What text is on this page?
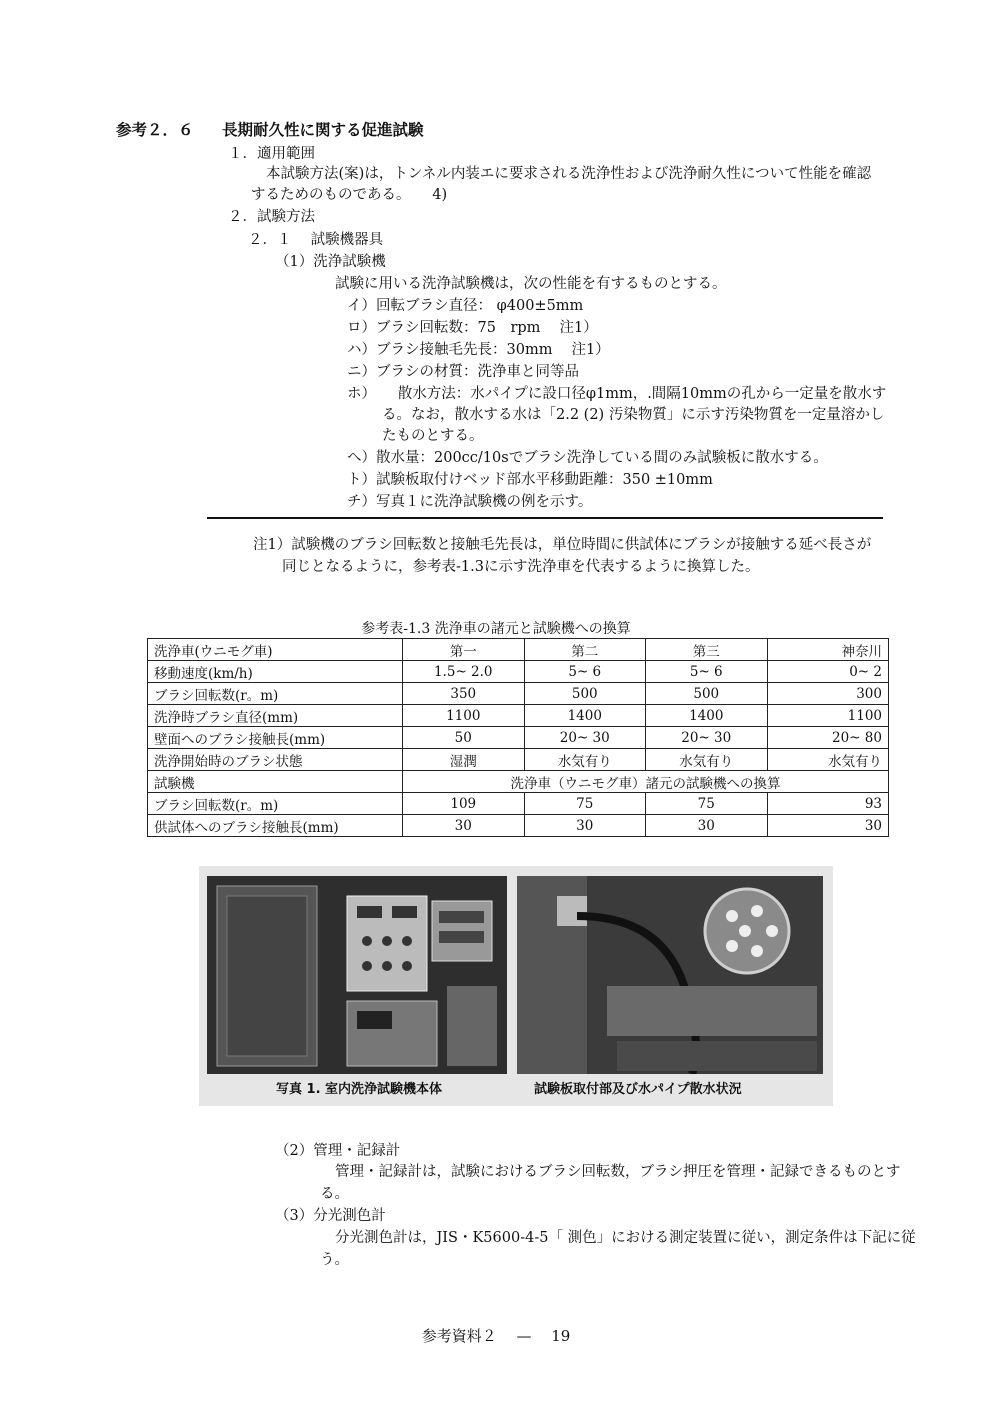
参考２．６ 長期耐久性に関する促進試験
１．適用範囲
本試験方法(案)は，トンネル内装エに要求される洗浄性および洗浄耐久性について性能を確認
するためのものである。　　4)
２．試験方法
２．１　 試験機器具
（1）洗浄試験機
試験に用いる洗浄試験機は，次の性能を有するものとする。
イ）回転ブラシ直径： φ400±5mm
ロ）ブラシ回転数：75　rpm　 注1）
ハ）ブラシ接触毛先長：30mm　 注1）
ニ）ブラシの材質：洗浄車と同等品
ホ）　　散水方法：水パイプに設口径φ1mm，.間隔10mmの孔から一定量を散水す
る。なお，散水する水は「2.2 (2) 汚染物質」に示す汚染物質を一定量溶かし
たものとする。
へ）散水量：200cc/10sでブラシ洗浄している間のみ試験板に散水する。
ト）試験板取付けベッド部水平移動距離：350 ±10mm
チ）写真１に洗浄試験機の例を示す。
注1）試験機のブラシ回転数と接触毛先長は，単位時間に供試体にブラシが接触する延べ長さが
同じとなるように，参考表-1.3に示す洗浄車を代表するように換算した。
参考表-1.3 洗浄車の諸元と試験機への換算
洗浄車(ウニモグ車)	第一	第二	第三	神奈川
移動速度(km/h)	1.5~ 2.0	5~ 6	5~ 6	0~ 2
ブラシ回転数(r。m)	350	500	500	300
洗浄時ブラシ直径(mm)	1100	1400	1400	1100
壁面へのブラシ接触長(mm)	50	20~ 30	20~ 30	20~ 80
洗浄開始時のブラシ状態	湿潤	水気有り	水気有り	水気有り
試験機	洗浄車（ウニモグ車）諸元の試験機への換算			
ブラシ回転数(r。m)	109	75	75	93
供試体へのブラシ接触長(mm)	30	30	30	30
写真 1. 室内洗浄試験機本体	試験板取付部及び水パイプ散水状況
（2）管理・記録計
管理・記録計は，試験におけるブラシ回転数，ブラシ押圧を管理・記録できるものとす
る。
（3）分光測色計
分光測色計は，JIS・K5600-4-5「 測色」における測定装置に従い，測定条件は下記に従
う。
参考資料２　 —　 19
